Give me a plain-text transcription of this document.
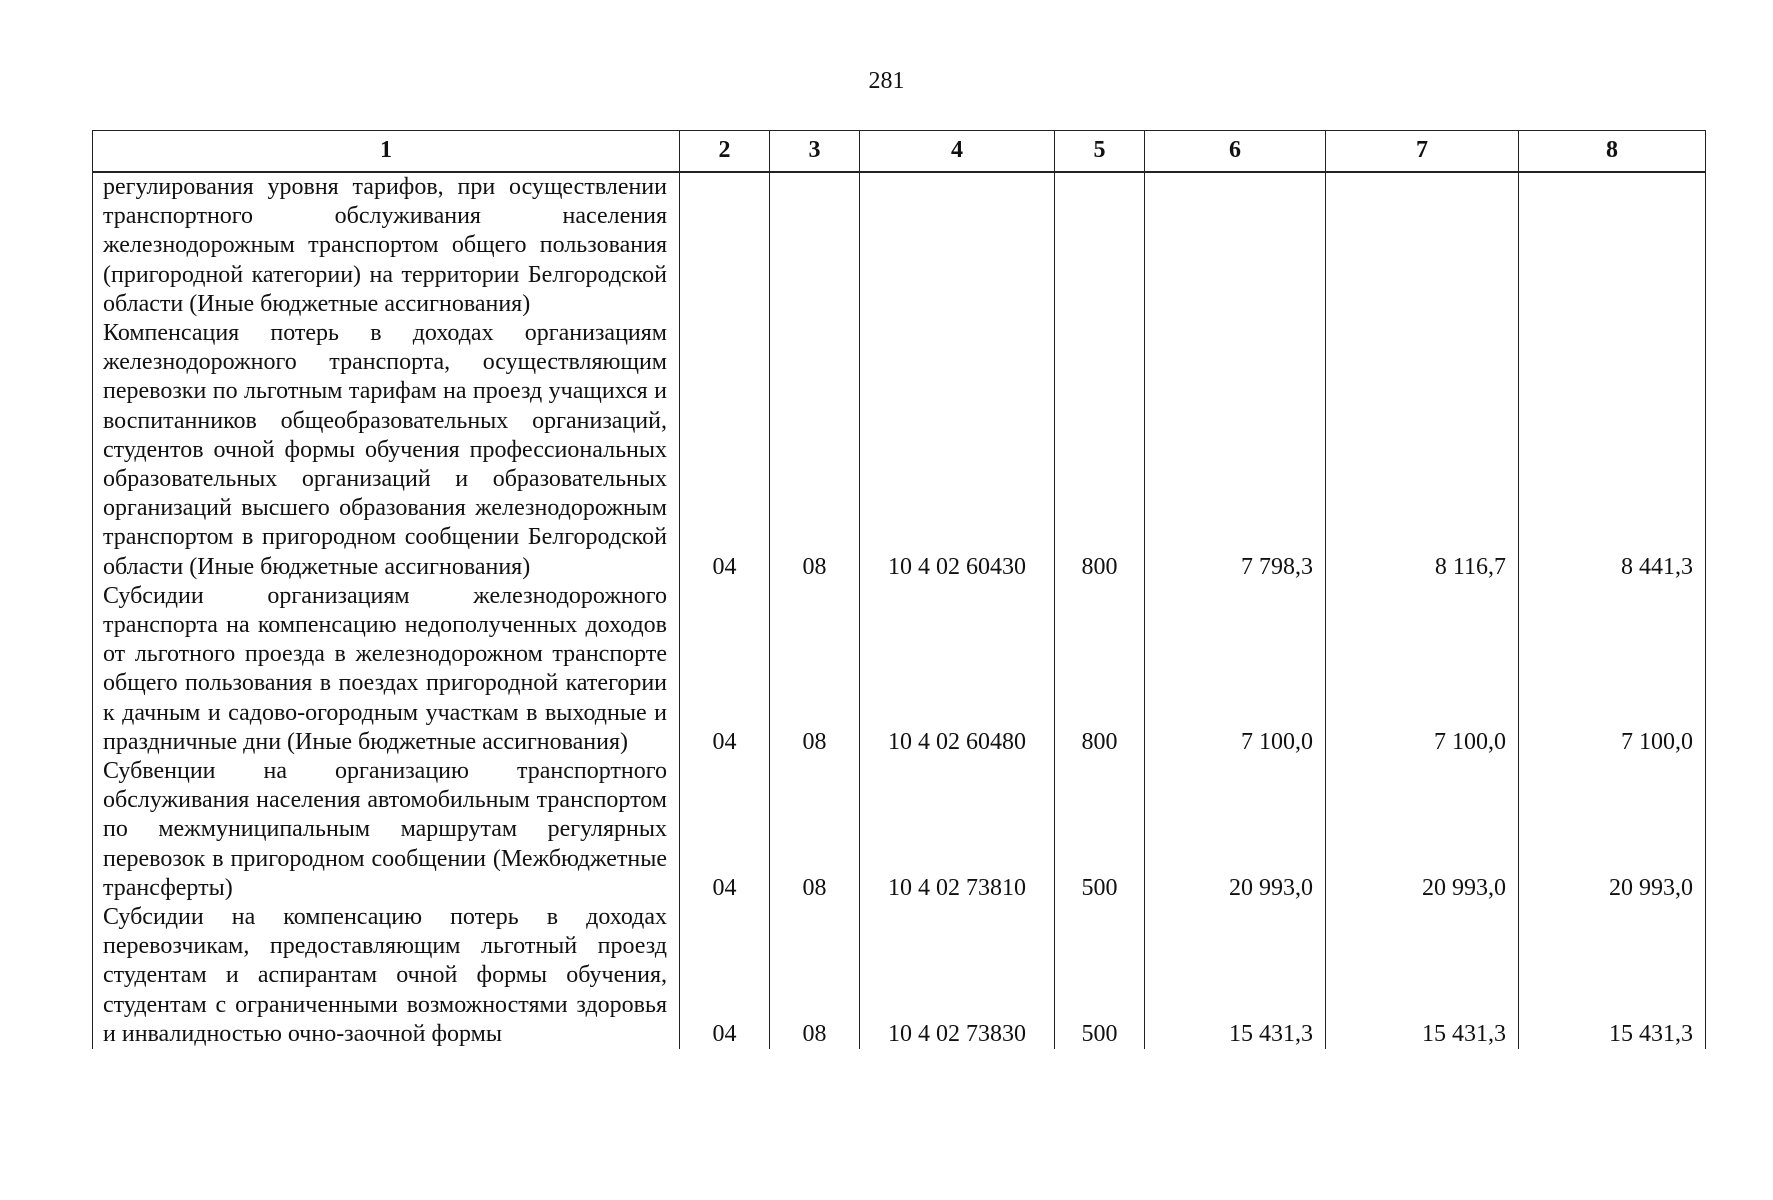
281
1	2	3	4	5	6	7	8
регулирования уровня тарифов, при осуществлении транспортного обслуживания населения железнодорожным транспортом общего пользования (пригородной категории) на территории Белгородской области (Иные бюджетные ассигнования)							
Компенсация потерь в доходах организациям железнодорожного транспорта, осуществляющим перевозки по льготным тарифам на проезд учащихся и воспитанников общеобразовательных организаций, студентов очной формы обучения профессиональных образовательных организаций и образовательных организаций высшего образования железнодорожным транспортом в пригородном сообщении Белгородской области (Иные бюджетные ассигнования)	04	08	10 4 02 60430	800	7 798,3	8 116,7	8 441,3
Субсидии организациям железнодорожного транспорта на компенсацию недополученных доходов от льготного проезда в железнодорожном транспорте общего пользования в поездах пригородной категории к дачным и садово-огородным участкам в выходные и праздничные дни (Иные бюджетные ассигнования)	04	08	10 4 02 60480	800	7 100,0	7 100,0	7 100,0
Субвенции на организацию транспортного обслуживания населения автомобильным транспортом по межмуниципальным маршрутам регулярных перевозок в пригородном сообщении (Межбюджетные трансферты)	04	08	10 4 02 73810	500	20 993,0	20 993,0	20 993,0
Субсидии на компенсацию потерь в доходах перевозчикам, предоставляющим льготный проезд студентам и аспирантам очной формы обучения, студентам с ограниченными возможностями здоровья и инвалидностью очно-заочной формы	04	08	10 4 02 73830	500	15 431,3	15 431,3	15 431,3
